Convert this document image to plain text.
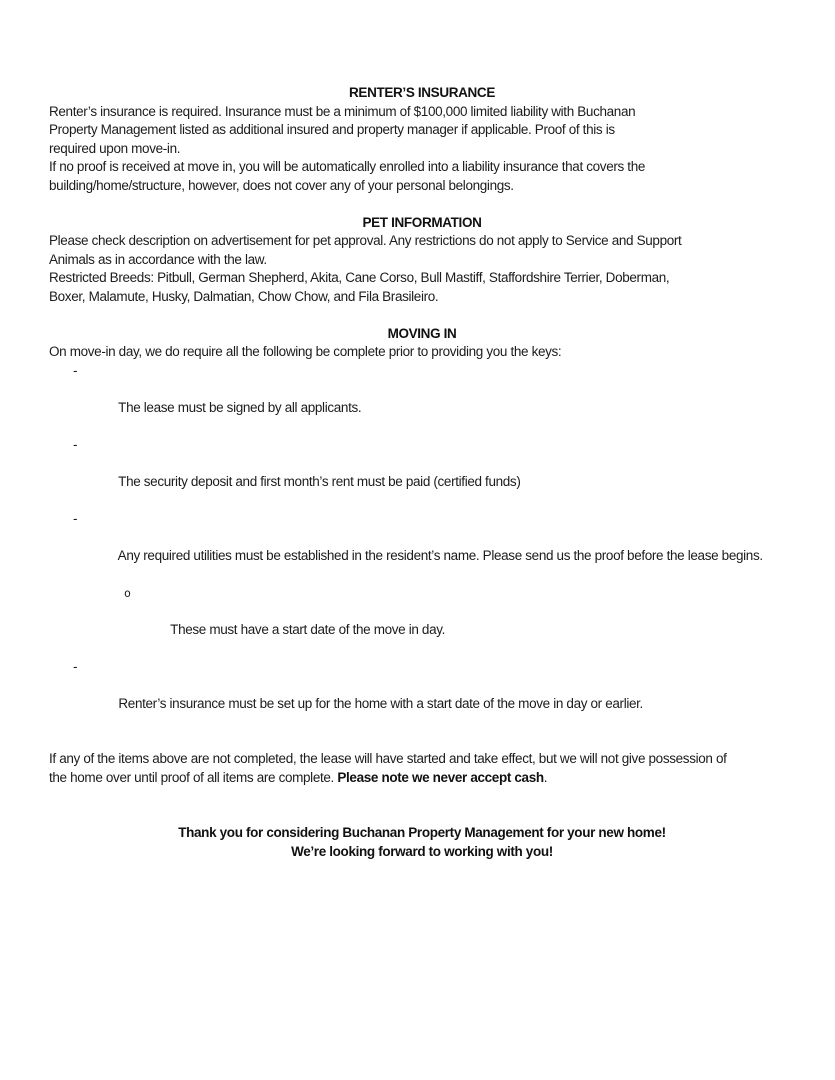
RENTER’S INSURANCE
Renter’s insurance is required. Insurance must be a minimum of $100,000 limited liability with Buchanan
Property Management listed as additional insured and property manager if applicable. Proof of this is
required upon move-in.
If no proof is received at move in, you will be automatically enrolled into a liability insurance that covers the
building/home/structure, however, does not cover any of your personal belongings.
PET INFORMATION
Please check description on advertisement for pet approval. Any restrictions do not apply to Service and Support
Animals as in accordance with the law.
Restricted Breeds: Pitbull, German Shepherd, Akita, Cane Corso, Bull Mastiff, Staffordshire Terrier, Doberman,
Boxer, Malamute, Husky, Dalmatian, Chow Chow, and Fila Brasileiro.
MOVING IN
On move-in day, we do require all the following be complete prior to providing you the keys:

-

The lease must be signed by all applicants.

-

The security deposit and first month’s rent must be paid (certified funds)

-

Any required utilities must be established in the resident’s name. Please send us the proof before the lease begins.

o

These must have a start date of the move in day.

-

Renter’s insurance must be set up for the home with a start date of the move in day or earlier.

If any of the items above are not completed, the lease will have started and take effect, but we will not give possession of
the home over until proof of all items are complete. Please note we never accept cash.
Thank you for considering Buchanan Property Management for your new home!
We’re looking forward to working with you!
